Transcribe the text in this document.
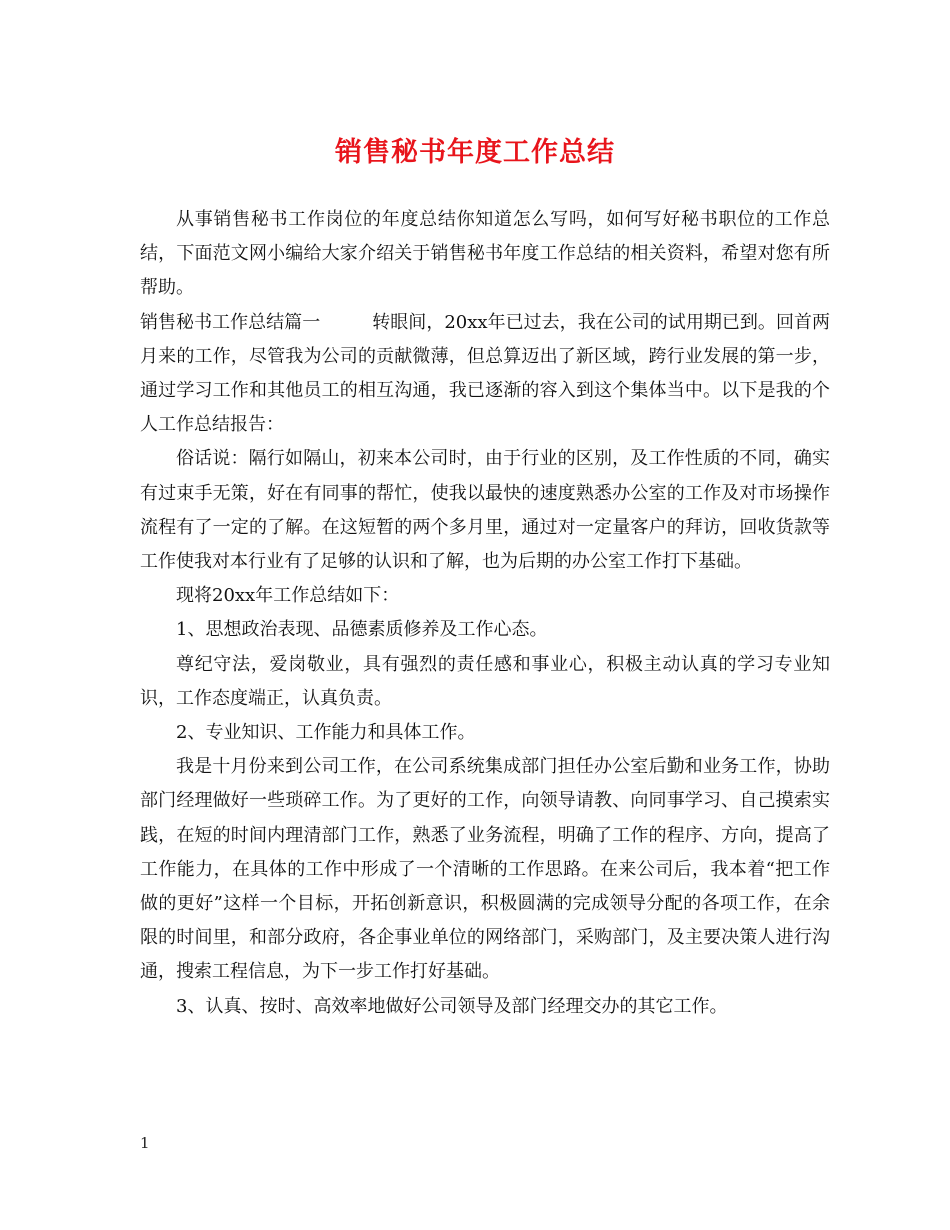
销售秘书年度工作总结

从事销售秘书工作岗位的年度总结你知道怎么写吗，如何写好秘书职位的工作总结，下面范文网小编给大家介绍关于销售秘书年度工作总结的相关资料，希望对您有所帮助。

销售秘书工作总结篇一	转眼间，20xx年已过去，我在公司的试用期已到。回首两月来的工作，尽管我为公司的贡献微薄，但总算迈出了新区域，跨行业发展的第一步，通过学习工作和其他员工的相互沟通，我已逐渐的容入到这个集体当中。以下是我的个人工作总结报告：

俗话说：隔行如隔山，初来本公司时，由于行业的区别，及工作性质的不同，确实有过束手无策，好在有同事的帮忙，使我以最快的速度熟悉办公室的工作及对市场操作流程有了一定的了解。在这短暂的两个多月里，通过对一定量客户的拜访，回收货款等工作使我对本行业有了足够的认识和了解，也为后期的办公室工作打下基础。

现将20xx年工作总结如下：

1、思想政治表现、品德素质修养及工作心态。

尊纪守法，爱岗敬业，具有强烈的责任感和事业心，积极主动认真的学习专业知识，工作态度端正，认真负责。

2、专业知识、工作能力和具体工作。

我是十月份来到公司工作，在公司系统集成部门担任办公室后勤和业务工作，协助部门经理做好一些琐碎工作。为了更好的工作，向领导请教、向同事学习、自己摸索实践，在短的时间内理清部门工作，熟悉了业务流程，明确了工作的程序、方向，提高了工作能力，在具体的工作中形成了一个清晰的工作思路。在来公司后，我本着“把工作做的更好”这样一个目标，开拓创新意识，积极圆满的完成领导分配的各项工作，在余限的时间里，和部分政府，各企事业单位的网络部门，采购部门，及主要决策人进行沟通，搜索工程信息，为下一步工作打好基础。

3、认真、按时、高效率地做好公司领导及部门经理交办的其它工作。

1
